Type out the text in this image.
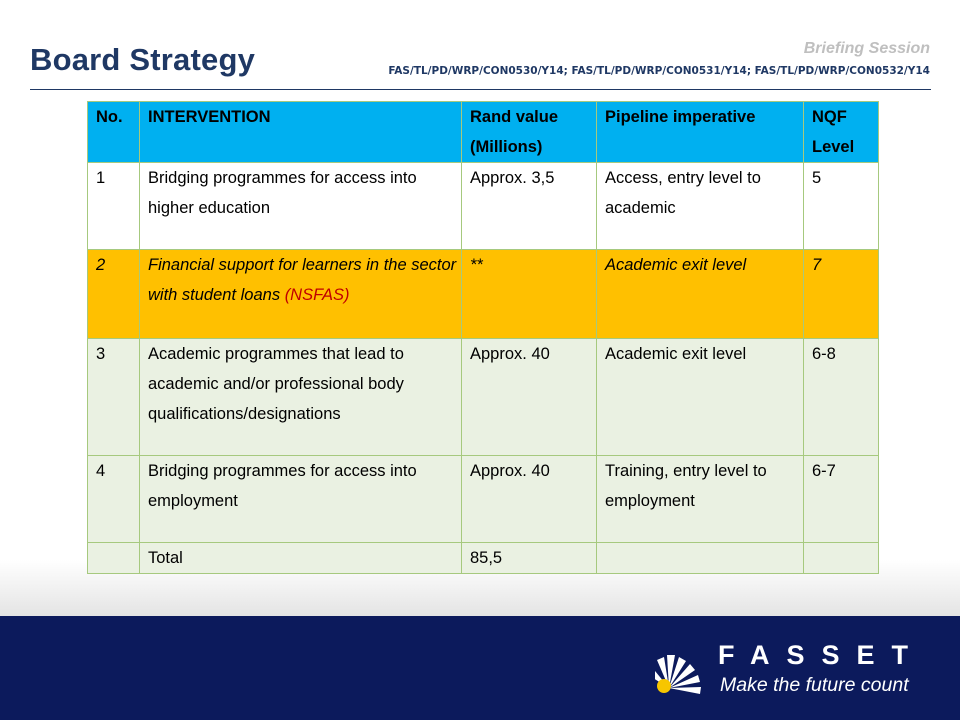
Board Strategy	Briefing Session
FAS/TL/PD/WRP/CON0530/Y14; FAS/TL/PD/WRP/CON0531/Y14; FAS/TL/PD/WRP/CON0532/Y14
No.	INTERVENTION	Rand value (Millions)	Pipeline imperative	NQF Level
1	Bridging programmes for access into higher education	Approx. 3,5	Access, entry level to academic	5
2	Financial support for learners in the sector with student loans (NSFAS)	**	Academic exit level	7
3	Academic programmes that lead to academic and/or professional body qualifications/designations	Approx. 40	Academic exit level	6-8
4	Bridging programmes for access into employment	Approx. 40	Training, entry level to employment	6-7
	Total	85,5		
FASSET
Make the future count
